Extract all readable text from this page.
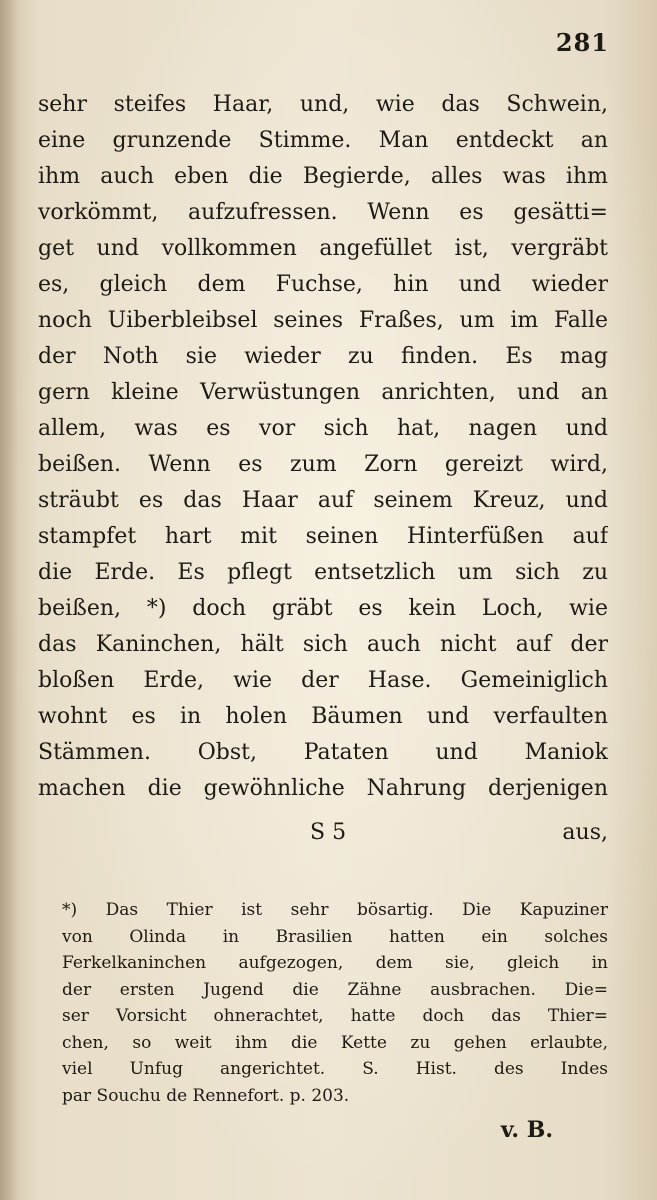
281
sehr steifes Haar, und, wie das Schwein,
eine grunzende Stimme. Man entdeckt an
ihm auch eben die Begierde, alles was ihm
vorkömmt, aufzufressen. Wenn es gesätti=
get und vollkommen angefüllet ist, vergräbt
es, gleich dem Fuchse, hin und wieder
noch Uiberbleibsel seines Fraßes, um im Falle
der Noth sie wieder zu finden. Es mag
gern kleine Verwüstungen anrichten, und an
allem, was es vor sich hat, nagen und
beißen. Wenn es zum Zorn gereizt wird,
sträubt es das Haar auf seinem Kreuz, und
stampfet hart mit seinen Hinterfüßen auf
die Erde. Es pflegt entsetzlich um sich zu
beißen, *) doch gräbt es kein Loch, wie
das Kaninchen, hält sich auch nicht auf der
bloßen Erde, wie der Hase. Gemeiniglich
wohnt es in holen Bäumen und verfaulten
Stämmen. Obst, Pataten und Maniok
machen die gewöhnliche Nahrung derjenigen
S 5	aus,
*) Das Thier ist sehr bösartig. Die Kapuziner
von Olinda in Brasilien hatten ein solches
Ferkelkaninchen aufgezogen, dem sie, gleich in
der ersten Jugend die Zähne ausbrachen. Die=
ser Vorsicht ohnerachtet, hatte doch das Thier=
chen, so weit ihm die Kette zu gehen erlaubte,
viel Unfug angerichtet. S. Hist. des Indes
par Souchu de Rennefort. p. 203.
v. B.
